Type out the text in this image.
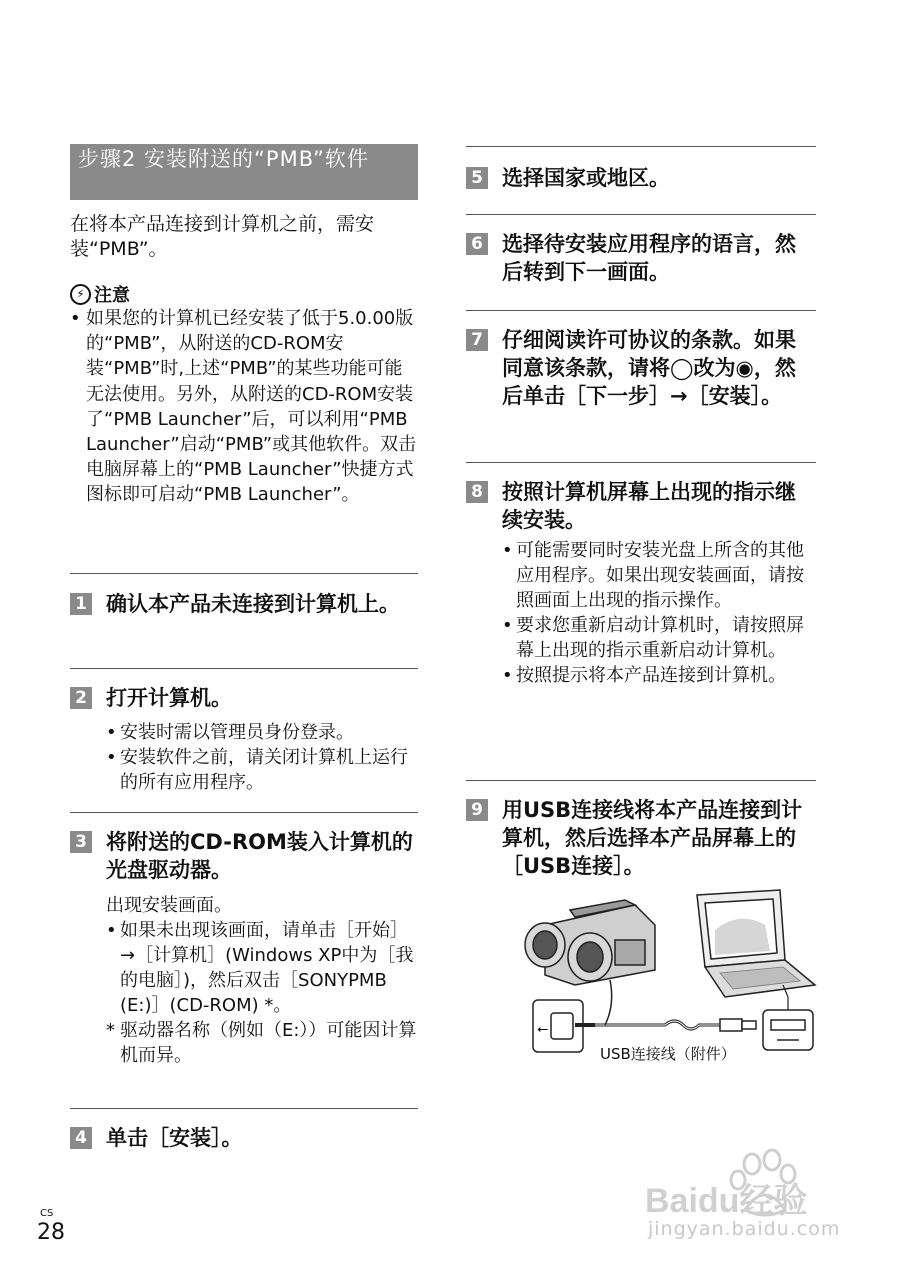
步骤2 安装附送的“PMB”软件
在将本产品连接到计算机之前，需安装“PMB”。
⚡ 注意
• 如果您的计算机已经安装了低于5.0.00版的“PMB”，从附送的CD-ROM安装“PMB”时,上述“PMB”的某些功能可能无法使用。另外，从附送的CD-ROM安装了“PMB Launcher”后，可以利用“PMB Launcher”启动“PMB”或其他软件。双击电脑屏幕上的“PMB Launcher”快捷方式图标即可启动“PMB Launcher”。
1 确认本产品未连接到计算机上。
2 打开计算机。
• 安装时需以管理员身份登录。
• 安装软件之前，请关闭计算机上运行的所有应用程序。
3 将附送的CD-ROM装入计算机的光盘驱动器。
出现安装画面。
• 如果未出现该画面，请单击［开始］→［计算机］(Windows XP中为［我的电脑］)，然后双击［SONYPMB (E:)］(CD-ROM) *。
* 驱动器名称（例如（E:））可能因计算机而异。
4 单击［安装］。
5 选择国家或地区。
6 选择待安装应用程序的语言，然后转到下一画面。
7 仔细阅读许可协议的条款。如果同意该条款，请将◯改为◉，然后单击［下一步］→［安装］。
8 按照计算机屏幕上出现的指示继续安装。
• 可能需要同时安装光盘上所含的其他应用程序。如果出现安装画面，请按照画面上出现的指示操作。
• 要求您重新启动计算机时，请按照屏幕上出现的指示重新启动计算机。
• 按照提示将本产品连接到计算机。
9 用USB连接线将本产品连接到计算机，然后选择本产品屏幕上的［USB连接］。
⭠
USB连接线（附件）
CS
28
Baidu经验
jingyan.baidu.com
